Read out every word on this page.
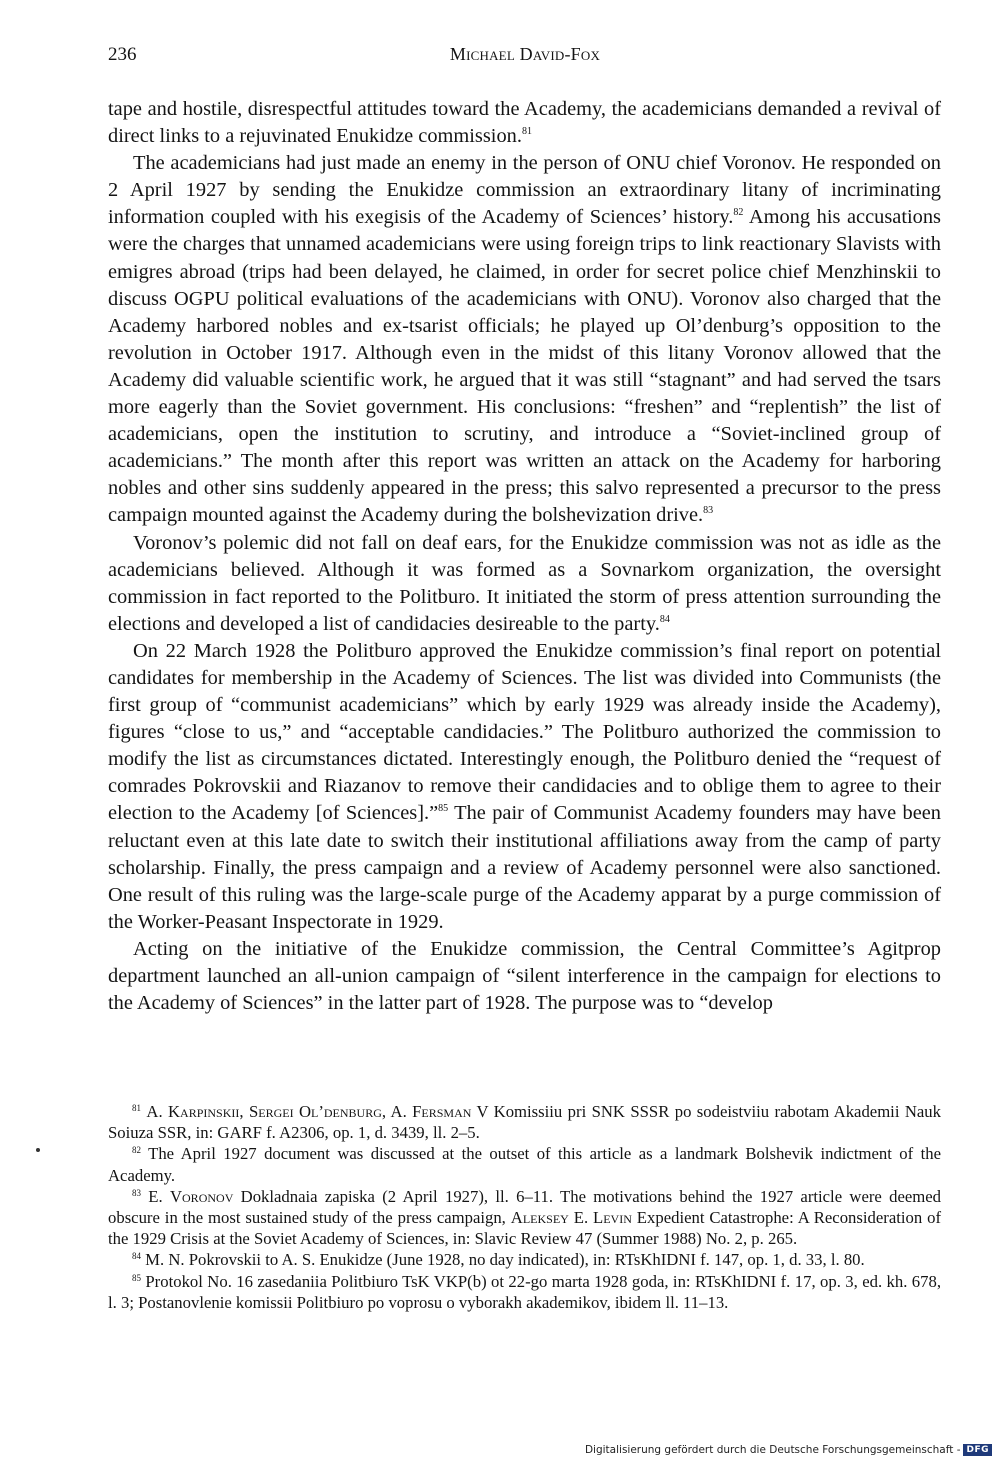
236	Michael David-Fox

tape and hostile, disrespectful attitudes toward the Academy, the academicians demanded a revival of direct links to a rejuvinated Enukidze commission.$^{81}$

The academicians had just made an enemy in the person of ONU chief Voronov. He responded on 2 April 1927 by sending the Enukidze commission an extraordinary litany of incriminating information coupled with his exegisis of the Academy of Sciences’ history.$^{82}$ Among his accusations were the charges that unnamed academicians were using foreign trips to link reactionary Slavists with emigres abroad (trips had been delayed, he claimed, in order for secret police chief Menzhinskii to discuss OGPU political evaluations of the academicians with ONU). Voronov also charged that the Academy harbored nobles and ex-tsarist officials; he played up Ol’denburg’s opposition to the revolution in October 1917. Although even in the midst of this litany Voronov allowed that the Academy did valuable scientific work, he argued that it was still “stagnant” and had served the tsars more eagerly than the Soviet government. His conclusions: “freshen” and “replentish” the list of academicians, open the institution to scrutiny, and introduce a “Soviet-inclined group of academicians.” The month after this report was written an attack on the Academy for harboring nobles and other sins suddenly appeared in the press; this salvo represented a precursor to the press campaign mounted against the Academy during the bolshevization drive.$^{83}$

Voronov’s polemic did not fall on deaf ears, for the Enukidze commission was not as idle as the academicians believed. Although it was formed as a Sovnarkom organization, the oversight commission in fact reported to the Politburo. It initiated the storm of press attention surrounding the elections and developed a list of candidacies desireable to the party.$^{84}$

On 22 March 1928 the Politburo approved the Enukidze commission’s final report on potential candidates for membership in the Academy of Sciences. The list was divided into Communists (the first group of “communist academicians” which by early 1929 was already inside the Academy), figures “close to us,” and “acceptable candidacies.” The Politburo authorized the commission to modify the list as circumstances dictated. Interestingly enough, the Politburo denied the “request of comrades Pokrovskii and Riazanov to remove their candidacies and to oblige them to agree to their election to the Academy [of Sciences].”$^{85}$ The pair of Communist Academy founders may have been reluctant even at this late date to switch their institutional affiliations away from the camp of party scholarship. Finally, the press campaign and a review of Academy personnel were also sanctioned. One result of this ruling was the large-scale purge of the Academy apparat by a purge commission of the Worker-Peasant Inspectorate in 1929.

Acting on the initiative of the Enukidze commission, the Central Committee’s Agitprop department launched an all-union campaign of “silent interference in the campaign for elections to the Academy of Sciences” in the latter part of 1928. The purpose was to “develop

$^{81}$ A. Karpinskii, Sergei Ol’denburg, A. Fersman V Komissiiu pri SNK SSSR po sodeistviiu rabotam Akademii Nauk Soiuza SSR, in: GARF f. A2306, op. 1, d. 3439, ll. 2–5.

$^{82}$ The April 1927 document was discussed at the outset of this article as a landmark Bolshevik indictment of the Academy.

$^{83}$ E. Voronov Dokladnaia zapiska (2 April 1927), ll. 6–11. The motivations behind the 1927 article were deemed obscure in the most sustained study of the press campaign, Aleksey E. Levin Expedient Catastrophe: A Reconsideration of the 1929 Crisis at the Soviet Academy of Sciences, in: Slavic Review 47 (Summer 1988) No. 2, p. 265.

$^{84}$ M. N. Pokrovskii to A. S. Enukidze (June 1928, no day indicated), in: RTsKhIDNI f. 147, op. 1, d. 33, l. 80.

$^{85}$ Protokol No. 16 zasedaniia Politbiuro TsK VKP(b) ot 22-go marta 1928 goda, in: RTsKhIDNI f. 17, op. 3, ed. kh. 678, l. 3; Postanovlenie komissii Politbiuro po voprosu o vyborakh akademikov, ibidem ll. 11–13.

Digitalisierung gefördert durch die Deutsche Forschungsgemeinschaft - DFG
